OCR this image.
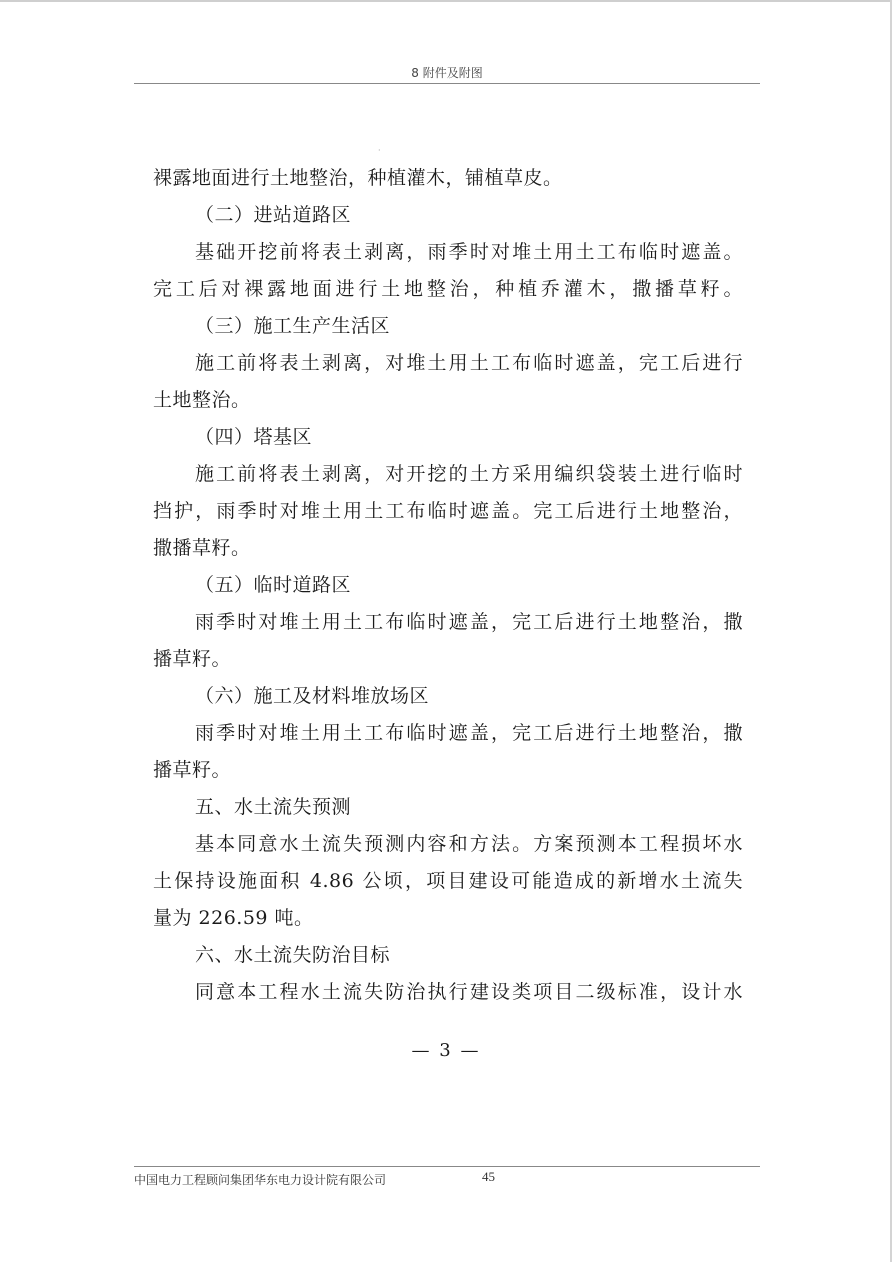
8 附件及附图
·
裸露地面进行土地整治，种植灌木，铺植草皮。
（二）进站道路区
基础开挖前将表土剥离，雨季时对堆土用土工布临时遮盖。
完工后对裸露地面进行土地整治，种植乔灌木，撒播草籽。
（三）施工生产生活区
施工前将表土剥离，对堆土用土工布临时遮盖，完工后进行
土地整治。
（四）塔基区
施工前将表土剥离，对开挖的土方采用编织袋装土进行临时
挡护，雨季时对堆土用土工布临时遮盖。完工后进行土地整治，
撒播草籽。
（五）临时道路区
雨季时对堆土用土工布临时遮盖，完工后进行土地整治，撒
播草籽。
（六）施工及材料堆放场区
雨季时对堆土用土工布临时遮盖，完工后进行土地整治，撒
播草籽。
五、水土流失预测
基本同意水土流失预测内容和方法。方案预测本工程损坏水
土保持设施面积 4.86 公顷，项目建设可能造成的新增水土流失
量为 226.59 吨。
六、水土流失防治目标
同意本工程水土流失防治执行建设类项目二级标准，设计水
— 3 —
中国电力工程顾问集团华东电力设计院有限公司	45
